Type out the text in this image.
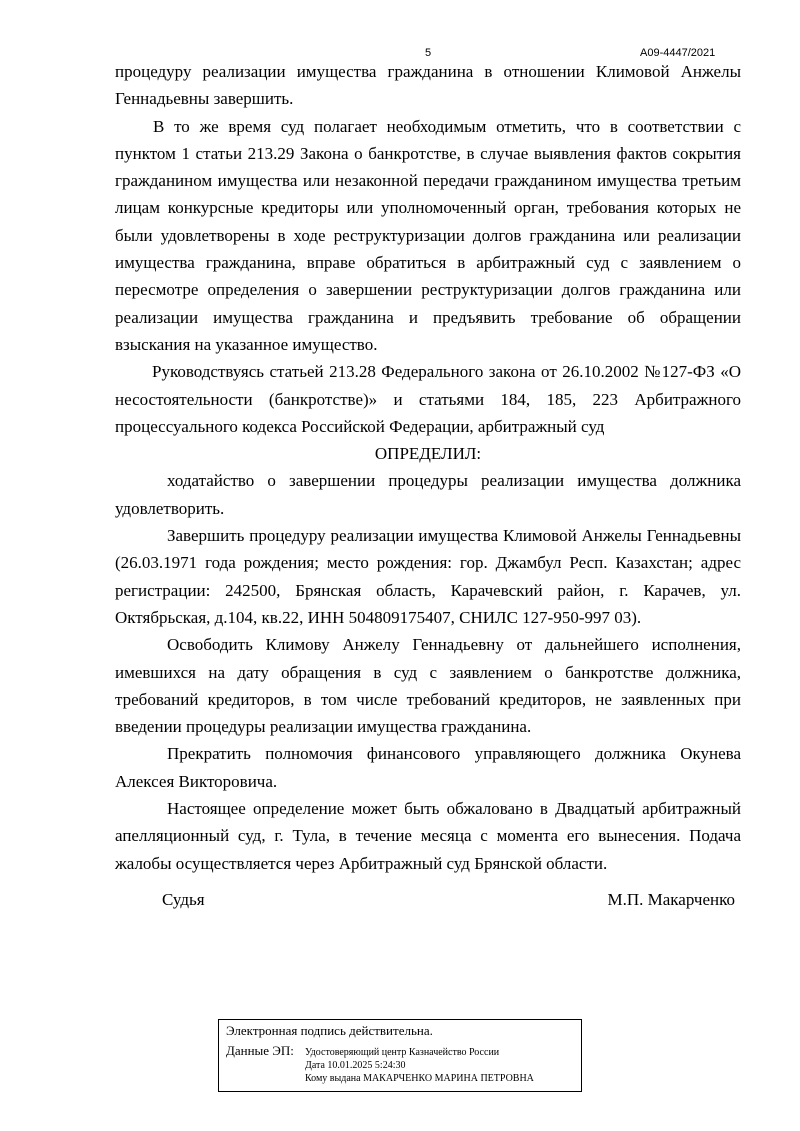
5	А09-4447/2021

процедуру реализации имущества гражданина в отношении Климовой Анжелы Геннадьевны завершить.

В то же время суд полагает необходимым отметить, что в соответствии с пунктом 1 статьи 213.29 Закона о банкротстве, в случае выявления фактов сокрытия гражданином имущества или незаконной передачи гражданином имущества третьим лицам конкурсные кредиторы или уполномоченный орган, требования которых не были удовлетворены в ходе реструктуризации долгов гражданина или реализации имущества гражданина, вправе обратиться в арбитражный суд с заявлением о пересмотре определения о завершении реструктуризации долгов гражданина или реализации имущества гражданина и предъявить требование об обращении взыскания на указанное имущество.

Руководствуясь статьей 213.28 Федерального закона от 26.10.2002 №127-ФЗ «О несостоятельности (банкротстве)» и статьями 184, 185, 223 Арбитражного процессуального кодекса Российской Федерации, арбитражный суд

ОПРЕДЕЛИЛ:

ходатайство о завершении процедуры реализации имущества должника удовлетворить.

Завершить процедуру реализации имущества Климовой Анжелы Геннадьевны (26.03.1971 года рождения; место рождения: гор. Джамбул Респ. Казахстан; адрес регистрации: 242500, Брянская область, Карачевский район, г. Карачев, ул. Октябрьская, д.104, кв.22, ИНН 504809175407, СНИЛС 127-950-997 03).

Освободить Климову Анжелу Геннадьевну от дальнейшего исполнения, имевшихся на дату обращения в суд с заявлением о банкротстве должника, требований кредиторов, в том числе требований кредиторов, не заявленных при введении процедуры реализации имущества гражданина.

Прекратить полномочия финансового управляющего должника Окунева Алексея Викторовича.

Настоящее определение может быть обжаловано в Двадцатый арбитражный апелляционный суд, г. Тула, в течение месяца с момента его вынесения. Подача жалобы осуществляется через Арбитражный суд Брянской области.

Судья	М.П. Макарченко
Электронная подпись действительна.
Данные ЭП: Удостоверяющий центр Казначейство России
Дата 10.01.2025 5:24:30
Кому выдана МАКАРЧЕНКО МАРИНА ПЕТРОВНА
